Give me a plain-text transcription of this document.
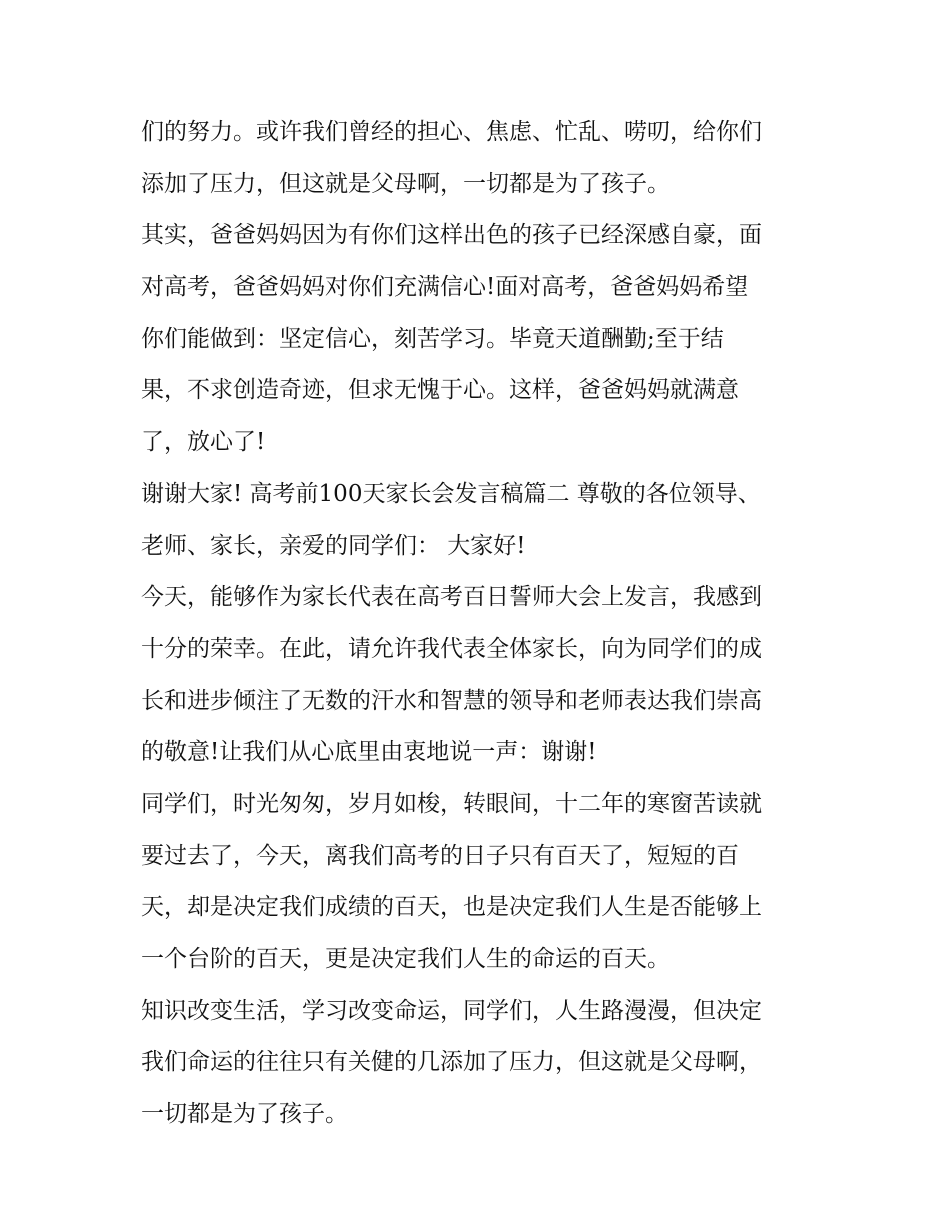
们的努力。或许我们曾经的担心、焦虑、忙乱、唠叨，给你们
添加了压力，但这就是父母啊，一切都是为了孩子。
其实，爸爸妈妈因为有你们这样出色的孩子已经深感自豪，面
对高考，爸爸妈妈对你们充满信心!面对高考，爸爸妈妈希望
你们能做到：坚定信心，刻苦学习。毕竟天道酬勤;至于结
果，不求创造奇迹，但求无愧于心。这样，爸爸妈妈就满意
了，放心了!
谢谢大家! 高考前100天家长会发言稿篇二 尊敬的各位领导、
老师、家长，亲爱的同学们： 大家好!
今天，能够作为家长代表在高考百日誓师大会上发言，我感到
十分的荣幸。在此，请允许我代表全体家长，向为同学们的成
长和进步倾注了无数的汗水和智慧的领导和老师表达我们崇高
的敬意!让我们从心底里由衷地说一声：谢谢!
同学们，时光匆匆，岁月如梭，转眼间，十二年的寒窗苦读就
要过去了，今天，离我们高考的日子只有百天了，短短的百
天，却是决定我们成绩的百天，也是决定我们人生是否能够上
一个台阶的百天，更是决定我们人生的命运的百天。
知识改变生活，学习改变命运，同学们，人生路漫漫，但决定
我们命运的往往只有关健的几添加了压力，但这就是父母啊，
一切都是为了孩子。
